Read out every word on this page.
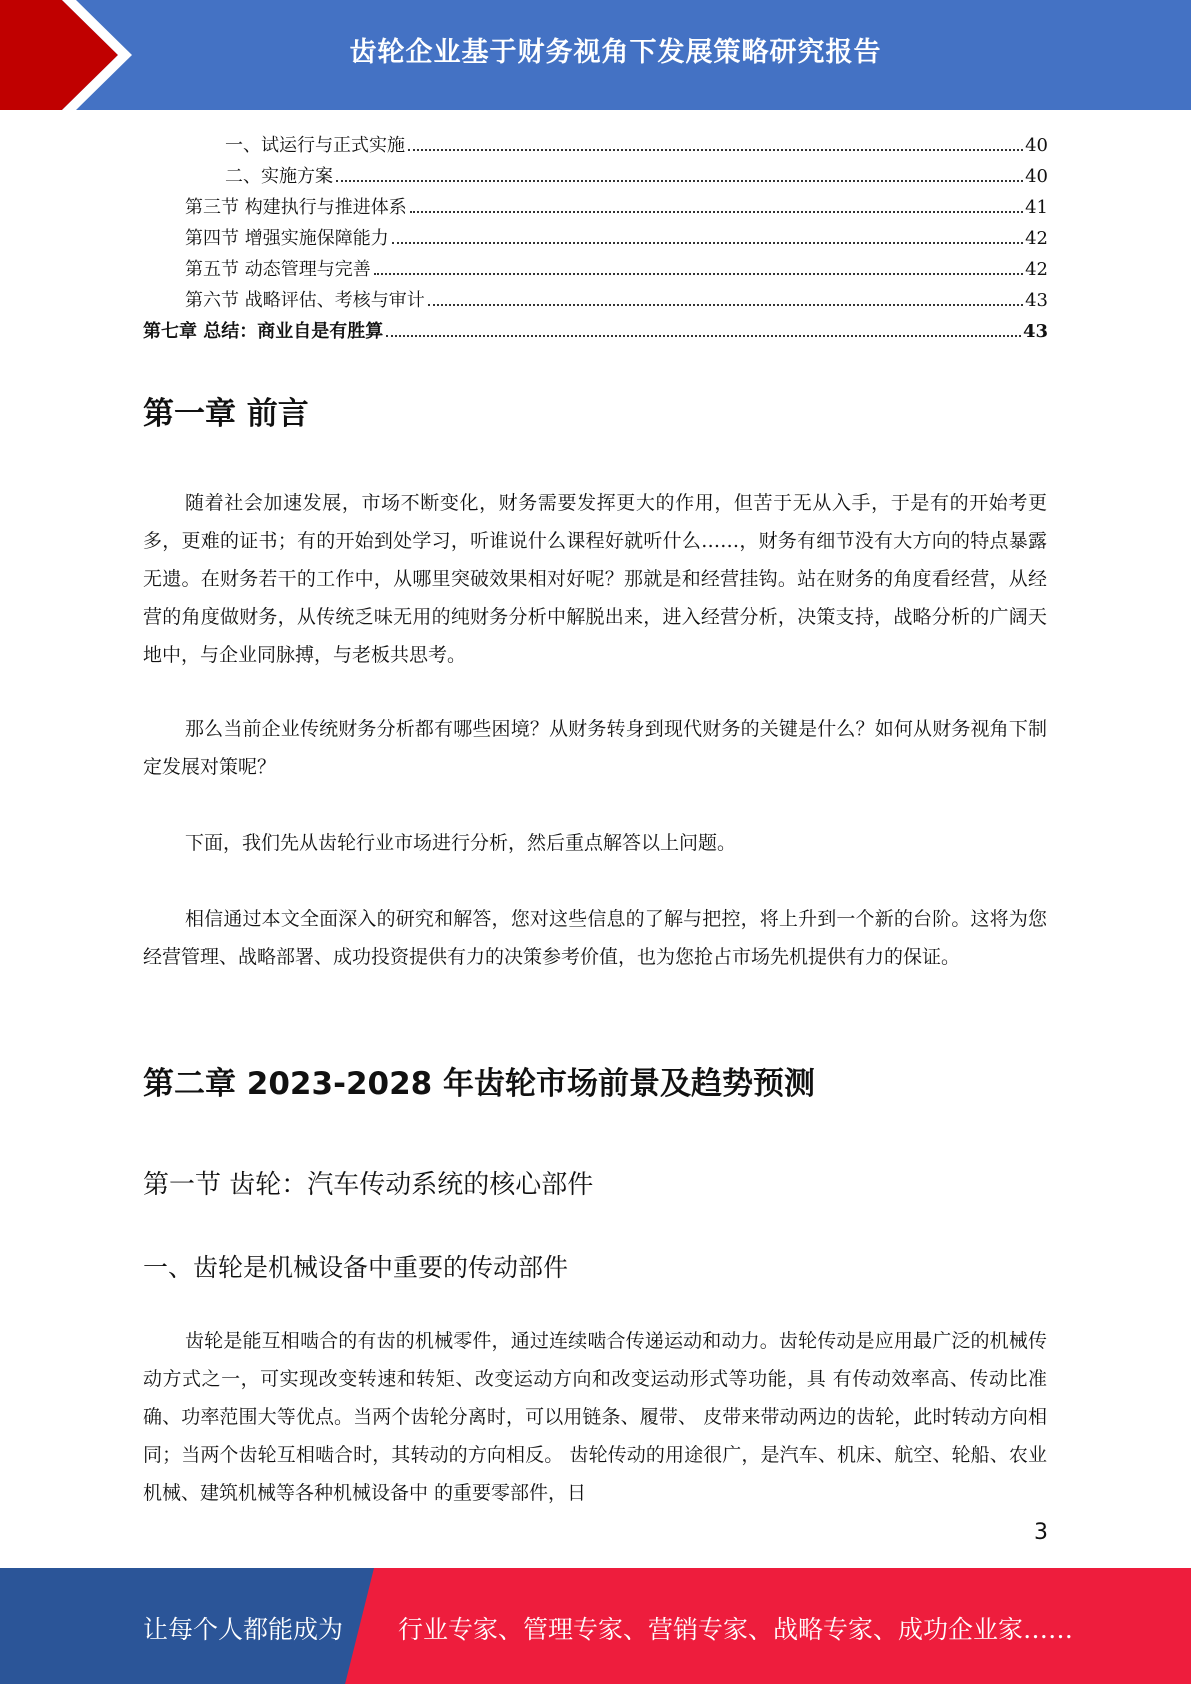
齿轮企业基于财务视角下发展策略研究报告
一、试运行与正式实施	40
二、实施方案	40
第三节 构建执行与推进体系	41
第四节 增强实施保障能力	42
第五节 动态管理与完善	42
第六节 战略评估、考核与审计	43
第七章 总结：商业自是有胜算	43
第一章 前言

随着社会加速发展，市场不断变化，财务需要发挥更大的作用，但苦于无从入手，于是有的开始考更多，更难的证书；有的开始到处学习，听谁说什么课程好就听什么……，财务有细节没有大方向的特点暴露无遗。在财务若干的工作中，从哪里突破效果相对好呢？那就是和经营挂钩。站在财务的角度看经营，从经营的角度做财务，从传统乏味无用的纯财务分析中解脱出来，进入经营分析，决策支持，战略分析的广阔天地中，与企业同脉搏，与老板共思考。

那么当前企业传统财务分析都有哪些困境？从财务转身到现代财务的关键是什么？如何从财务视角下制定发展对策呢？

下面，我们先从齿轮行业市场进行分析，然后重点解答以上问题。

相信通过本文全面深入的研究和解答，您对这些信息的了解与把控，将上升到一个新的台阶。这将为您经营管理、战略部署、成功投资提供有力的决策参考价值，也为您抢占市场先机提供有力的保证。

第二章 2023-2028 年齿轮市场前景及趋势预测
第一节 齿轮：汽车传动系统的核心部件
一、齿轮是机械设备中重要的传动部件

齿轮是能互相啮合的有齿的机械零件，通过连续啮合传递运动和动力。齿轮传动是应用最广泛的机械传动方式之一，可实现改变转速和转矩、改变运动方向和改变运动形式等功能，具 有传动效率高、传动比准确、功率范围大等优点。当两个齿轮分离时，可以用链条、履带、 皮带来带动两边的齿轮，此时转动方向相同；当两个齿轮互相啮合时，其转动的方向相反。 齿轮传动的用途很广，是汽车、机床、航空、轮船、农业机械、建筑机械等各种机械设备中 的重要零部件，日

3
让每个人都能成为 行业专家、管理专家、营销专家、战略专家、成功企业家……
